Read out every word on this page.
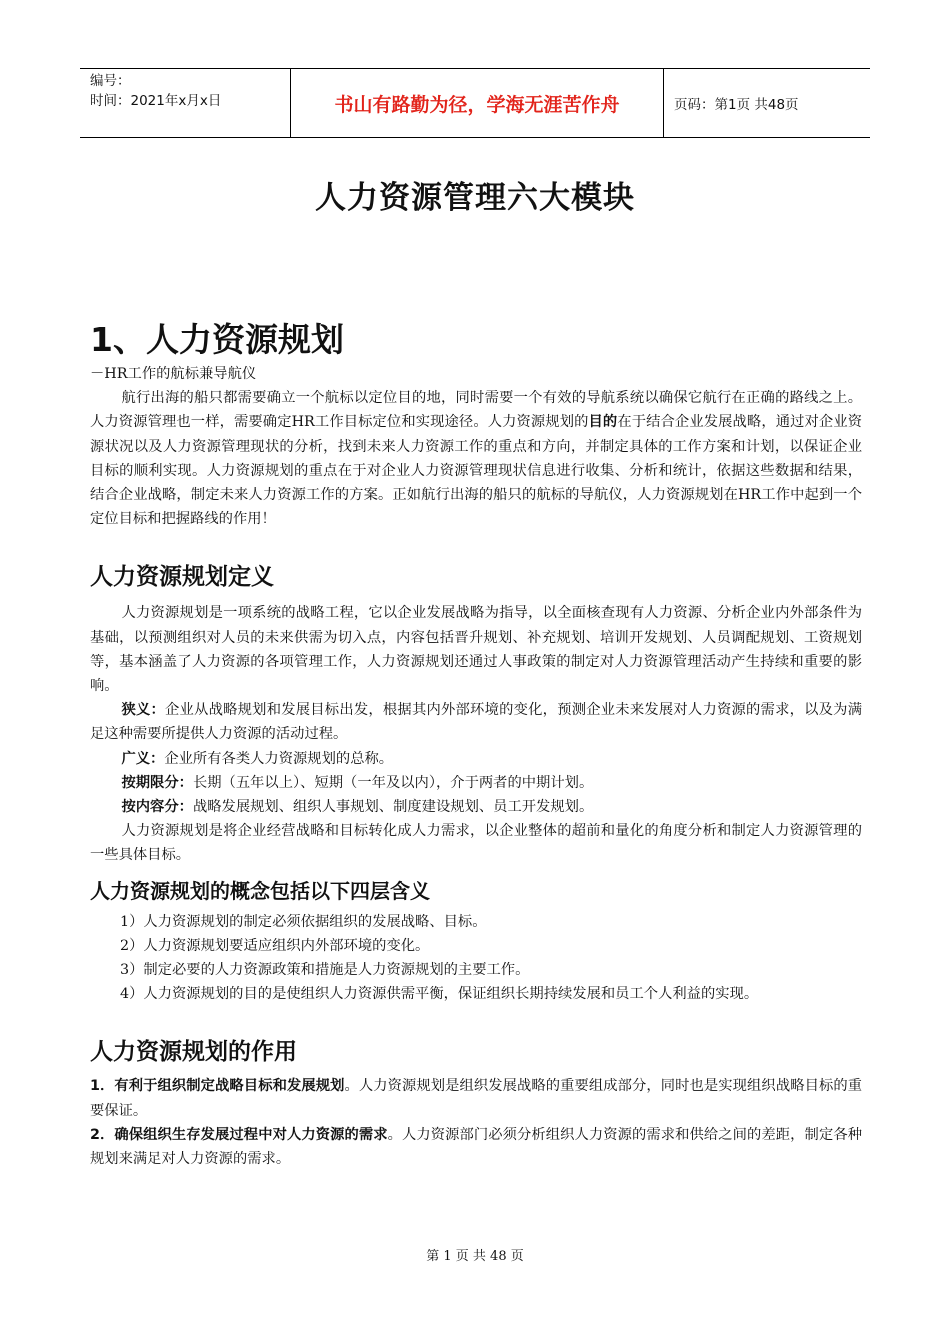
编号：
时间：2021年x月x日	书山有路勤为径，学海无涯苦作舟	页码：第1页 共48页
人力资源管理六大模块
1、人力资源规划

－HR工作的航标兼导航仪

航行出海的船只都需要确立一个航标以定位目的地，同时需要一个有效的导航系统以确保它航行在正确的路线之上。人力资源管理也一样，需要确定HR工作目标定位和实现途径。人力资源规划的目的在于结合企业发展战略，通过对企业资源状况以及人力资源管理现状的分析，找到未来人力资源工作的重点和方向，并制定具体的工作方案和计划，以保证企业目标的顺利实现。人力资源规划的重点在于对企业人力资源管理现状信息进行收集、分析和统计，依据这些数据和结果，结合企业战略，制定未来人力资源工作的方案。正如航行出海的船只的航标的导航仪，人力资源规划在HR工作中起到一个定位目标和把握路线的作用！

人力资源规划定义

人力资源规划是一项系统的战略工程，它以企业发展战略为指导，以全面核查现有人力资源、分析企业内外部条件为基础，以预测组织对人员的未来供需为切入点，内容包括晋升规划、补充规划、培训开发规划、人员调配规划、工资规划等，基本涵盖了人力资源的各项管理工作，人力资源规划还通过人事政策的制定对人力资源管理活动产生持续和重要的影响。

狭义：企业从战略规划和发展目标出发，根据其内外部环境的变化，预测企业未来发展对人力资源的需求，以及为满足这种需要所提供人力资源的活动过程。

广义：企业所有各类人力资源规划的总称。

按期限分：长期（五年以上）、短期（一年及以内），介于两者的中期计划。

按内容分：战略发展规划、组织人事规划、制度建设规划、员工开发规划。

人力资源规划是将企业经营战略和目标转化成人力需求，以企业整体的超前和量化的角度分析和制定人力资源管理的一些具体目标。

人力资源规划的概念包括以下四层含义

1）人力资源规划的制定必须依据组织的发展战略、目标。

2）人力资源规划要适应组织内外部环境的变化。

3）制定必要的人力资源政策和措施是人力资源规划的主要工作。

4）人力资源规划的目的是使组织人力资源供需平衡，保证组织长期持续发展和员工个人利益的实现。

人力资源规划的作用

1．有利于组织制定战略目标和发展规划。人力资源规划是组织发展战略的重要组成部分，同时也是实现组织战略目标的重要保证。

2．确保组织生存发展过程中对人力资源的需求。人力资源部门必须分析组织人力资源的需求和供给之间的差距，制定各种规划来满足对人力资源的需求。

第 1 页 共 48 页
